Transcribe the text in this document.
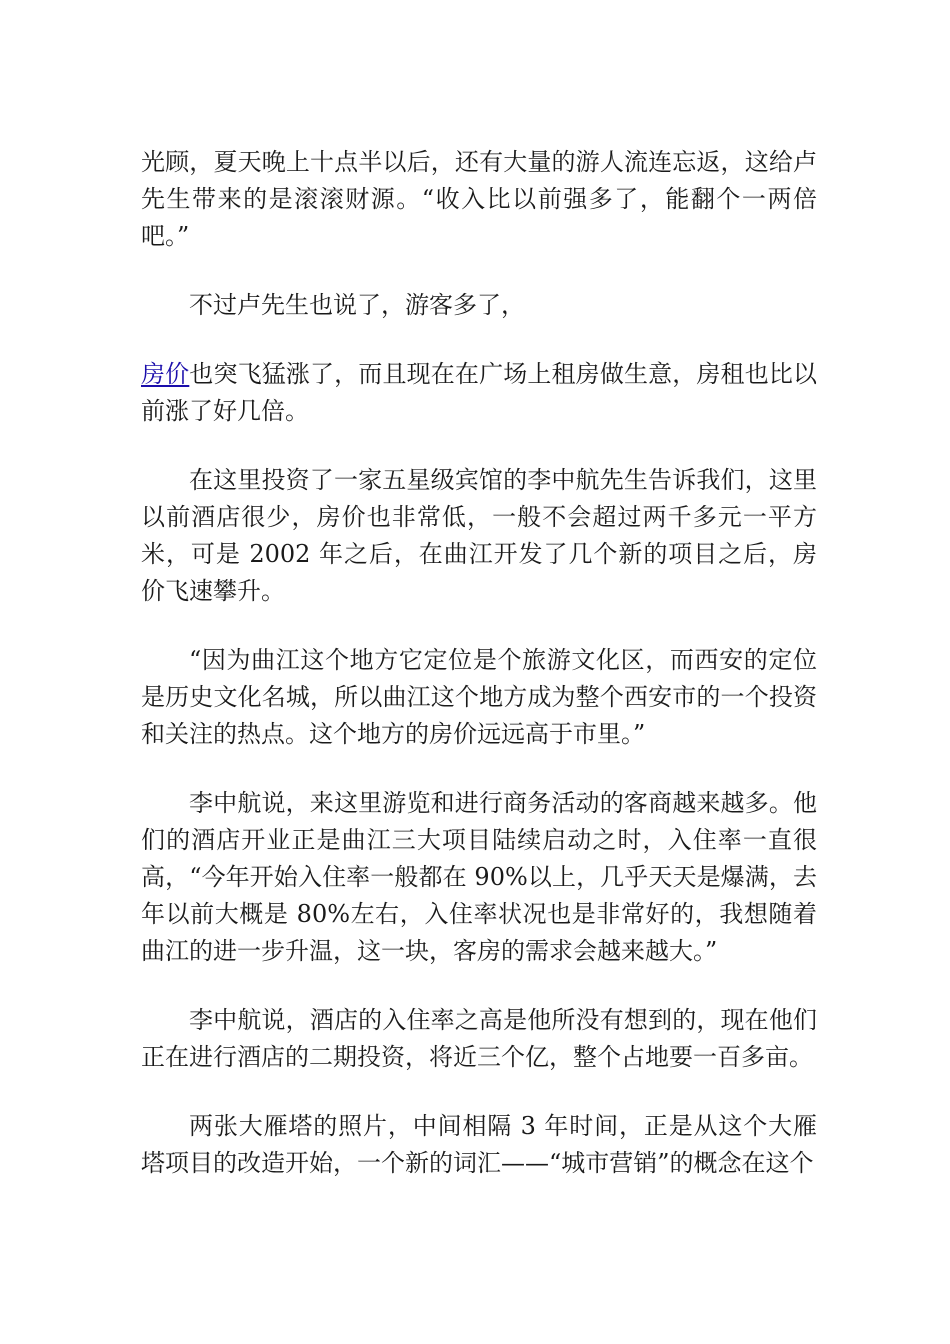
光顾，夏天晚上十点半以后，还有大量的游人流连忘返，这给卢先生带来的是滚滚财源。“收入比以前强多了，能翻个一两倍吧。”

不过卢先生也说了，游客多了，

房价也突飞猛涨了，而且现在在广场上租房做生意，房租也比以前涨了好几倍。

在这里投资了一家五星级宾馆的李中航先生告诉我们，这里以前酒店很少，房价也非常低，一般不会超过两千多元一平方米，可是 2002 年之后，在曲江开发了几个新的项目之后，房价飞速攀升。

“因为曲江这个地方它定位是个旅游文化区，而西安的定位是历史文化名城，所以曲江这个地方成为整个西安市的一个投资和关注的热点。这个地方的房价远远高于市里。”

李中航说，来这里游览和进行商务活动的客商越来越多。他们的酒店开业正是曲江三大项目陆续启动之时，入住率一直很高，“今年开始入住率一般都在 90%以上，几乎天天是爆满，去年以前大概是 80%左右，入住率状况也是非常好的，我想随着曲江的进一步升温，这一块，客房的需求会越来越大。”

李中航说，酒店的入住率之高是他所没有想到的，现在他们正在进行酒店的二期投资，将近三个亿，整个占地要一百多亩。

两张大雁塔的照片，中间相隔 3 年时间，正是从这个大雁塔项目的改造开始，一个新的词汇——“城市营销”的概念在这个
